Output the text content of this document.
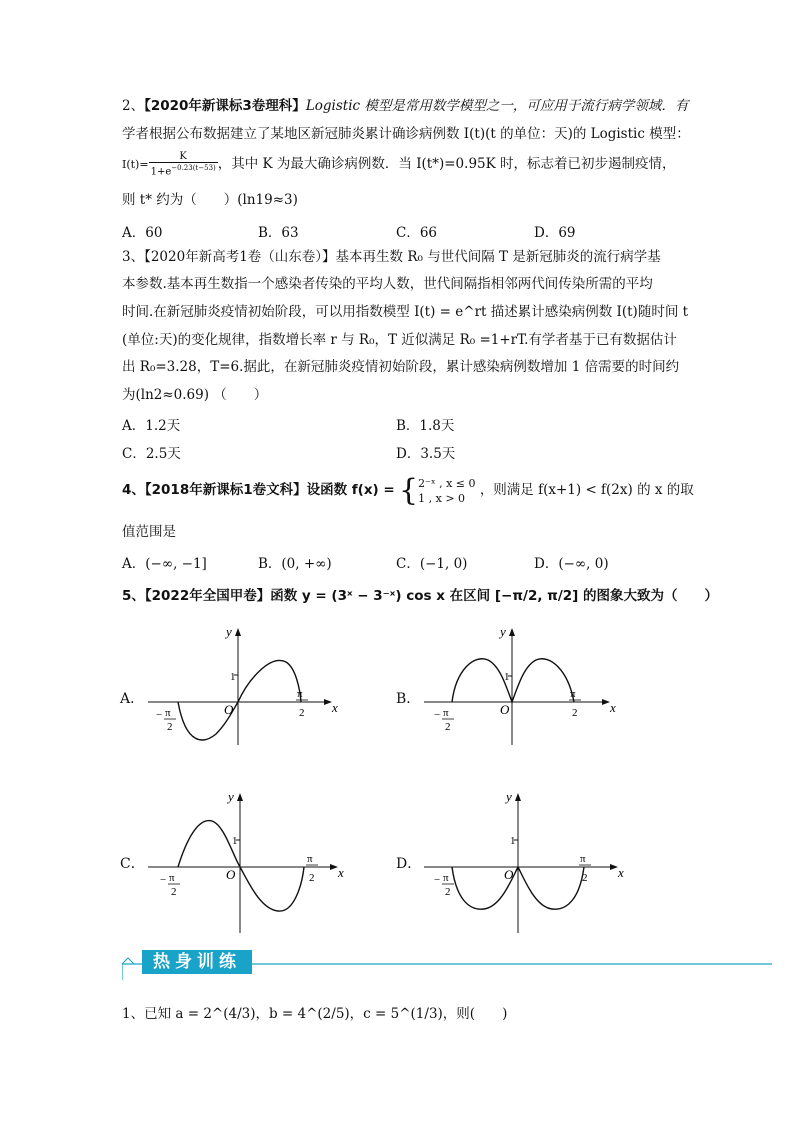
2、【2020年新课标3卷理科】Logistic 模型是常用数学模型之一，可应用于流行病学领域．有
学者根据公布数据建立了某地区新冠肺炎累计确诊病例数 I(t)(t 的单位：天)的 Logistic 模型：
$I(t)= \frac{K}{1+e^{-0.23(t-53)}}$ ，其中 K 为最大确诊病例数．当 I(t*)=0.95K 时，标志着已初步遏制疫情，
则 t* 约为（　　）(ln19≈3)
A．60	B．63	C．66	D．69
3、【2020年新高考1卷（山东卷）】基本再生数 R₀ 与世代间隔 T 是新冠肺炎的流行病学基
本参数.基本再生数指一个感染者传染的平均人数，世代间隔指相邻两代间传染所需的平均
时间.在新冠肺炎疫情初始阶段，可以用指数模型 I(t) = e^rt 描述累计感染病例数 I(t)随时间 t
(单位:天)的变化规律，指数增长率 r 与 R₀，T 近似满足 R₀ =1+rT.有学者基于已有数据估计
出 R₀=3.28，T=6.据此，在新冠肺炎疫情初始阶段，累计感染病例数增加 1 倍需要的时间约
为(ln2≈0.69) （　　）
A．1.2天	B．1.8天
C．2.5天	D．3.5天
4、【2018年新课标1卷文科】设函数 f(x) = { 2⁻ˣ , x ≤ 0
1 , x > 0	，则满足 f(x+1) < f(2x) 的 x 的取
值范围是
A．(−∞, −1]	B．(0, +∞)	C．(−1, 0)	D．(−∞, 0)
5、【2022年全国甲卷】函数 y = (3ˣ − 3⁻ˣ) cos x 在区间 [−π/2, π/2] 的图象大致为（　　）
A．
x
y
O
1
− π
2
π
2
B．
x
y
O
1
− π
2
π
2
C．
x
y
O
1
− π
2
π
2
D．
x
y
O
1
− π
2
π
2
热身训练
1、已知 a = 2^(4/3)，b = 4^(2/5)，c = 5^(1/3)，则(　　)
